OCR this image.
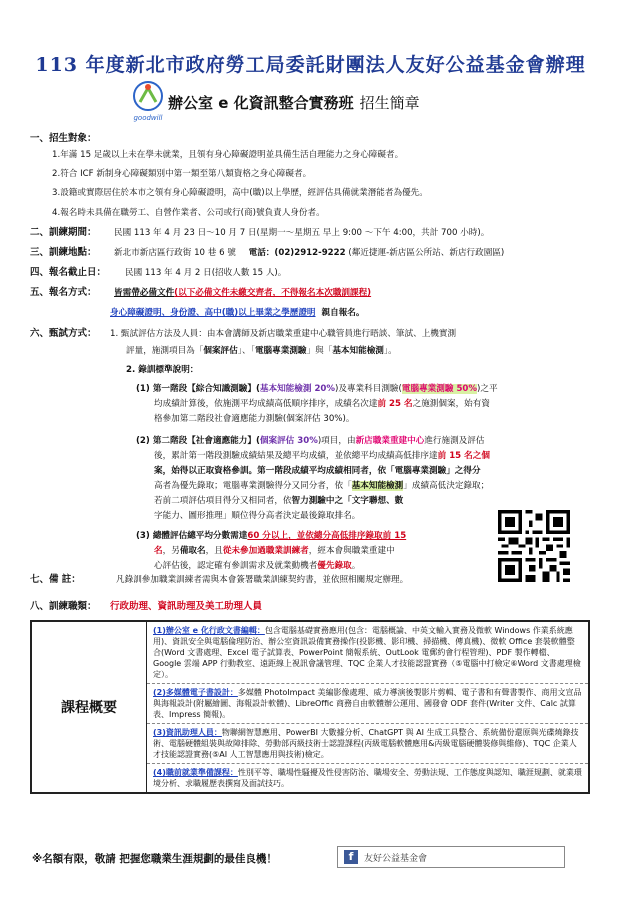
113 年度新北市政府勞工局委託財團法人友好公益基金會辦理
goodwill
辦公室 e 化資訊整合實務班 招生簡章
一、招生對象：
1.年滿 15 足歲以上未在學未就業，且領有身心障礙證明並具備生活自理能力之身心障礙者。
2.符合 ICF 新制身心障礙類別中第一類至第八類資格之身心障礙者。
3.設籍或實際居住於本市之領有身心障礙證明，高中(職)以上學歷，經評估具備就業潛能者為優先。
4.報名時未具備在職勞工、自營作業者、公司或行(商)號負責人身份者。
二、訓練期間： 民國 113 年 4 月 23 日～10 月 7 日(星期一～星期五 早上 9:00 ～下午 4:00，共計 700 小時)。
三、訓練地點： 新北市新店區行政街 10 巷 6 號 電話：(02)2912-9222 (鄰近捷運-新店區公所站、新店行政園區)
四、報名截止日： 民國 113 年 4 月 2 日(招收人數 15 人)。
五、報名方式： 皆需帶必備文件(以下必備文件未繳交齊者，不得報名本次職訓課程)
身心障礙證明、身份證、高中(職)以上畢業之學歷證明 親自報名。
六、甄試方式： 1. 甄試評估方法及人員：由本會講師及新店職業重建中心職管員進行晤談、筆試、上機實測
評量，施測項目為「個案評估」、「電腦專業測驗」與「基本知能檢測」。
2. 錄訓標準說明：
(1) 第一階段【綜合知識測驗】(基本知能檢測 20%)及專業科目測驗(電腦專業測驗 50%)之平
均成績計算後，依施測平均成績高低順序排序，成績名次達前 25 名之施測個案，始有資
格參加第二階段社會適應能力測驗(個案評估 30%)。
(2) 第二階段【社會適應能力】(個案評估 30%)項目，由新店職業重建中心進行施測及評估
後，累計第一階段測驗成績結果及總平均成績，並依總平均成績高低排序達前 15 名之個
案，始得以正取資格參訓。第一階段成績平均成績相同者，依「電腦專業測驗」之得分
高者為優先錄取；電腦專業測驗得分又同分者，依「基本知能檢測」成績高低決定錄取；
若前二項評估項目得分又相同者，依智力測驗中之「文字聯想、數
字能力、圖形推理」順位得分高者決定最後錄取排名。
(3) 總體評估總平均分數需達60 分以上，並依總分高低排序錄取前 15
名，另備取名，且從未參加過職業訓練者，經本會與職業重建中
心評估後，認定確有參訓需求及就業動機者優先錄取。
七、備 註：	凡錄訓參加職業訓練者需與本會簽署職業訓練契約書，並依照相關規定辦理。
八、訓練職類： 行政助理、資訊助理及美工助理人員
課程概要	
(1)辦公室 e 化行政文書編輯：包含電腦基礎實務應用(包含：電腦概論、中英文輸入實務及微軟 Windows 作業系統應用)、資訊安全與電腦倫理防治、辦公室資訊設備實務操作(投影機、影印機、掃描機、傳真機)、微軟 Office 套裝軟體整合(Word 文書處理、Excel 電子試算表、PowerPoint 簡報系統、OutLook 電郵約會行程管理)、PDF 製作轉檔、Google 雲端 APP 行動教室、遠距線上視訊會議管理、TQC 企業人才技能認證實務（⑤電腦中打檢定⑥Word 文書處理檢定）。
(2)多媒體電子書設計：多媒體 PhotoImpact 美編影像處理、威力導演後製影片剪輯、電子書和有聲書製作、商用文宣品與海報設計(附屬繪圖、海報設計軟體)、LibreOffic 商務自由軟體辦公運用、國發會 ODF 套件(Writer 文件、Calc 試算表、Impress 簡報)。
(3)資訊助理人員：物聯網智慧應用、PowerBI 大數據分析、ChatGPT 與 AI 生成工具整合、系統備份還原與光碟燒錄技術、電腦硬體組裝與故障排除、勞動部丙級技術士認證課程(丙級電腦軟體應用&丙級電腦硬體裝修與維修)、TQC 企業人才技能認證實務(⑤AI 人工智慧應用與技術)檢定。
(4)職前就業準備課程：性別平等、職場性騷擾及性侵害防治、職場安全、勞動法規、工作態度與認知、職涯規劃、就業環境分析、求職履歷表撰寫及面試技巧。
※名額有限，敬請 把握您職業生涯規劃的最佳良機！	f	友好公益基金會
